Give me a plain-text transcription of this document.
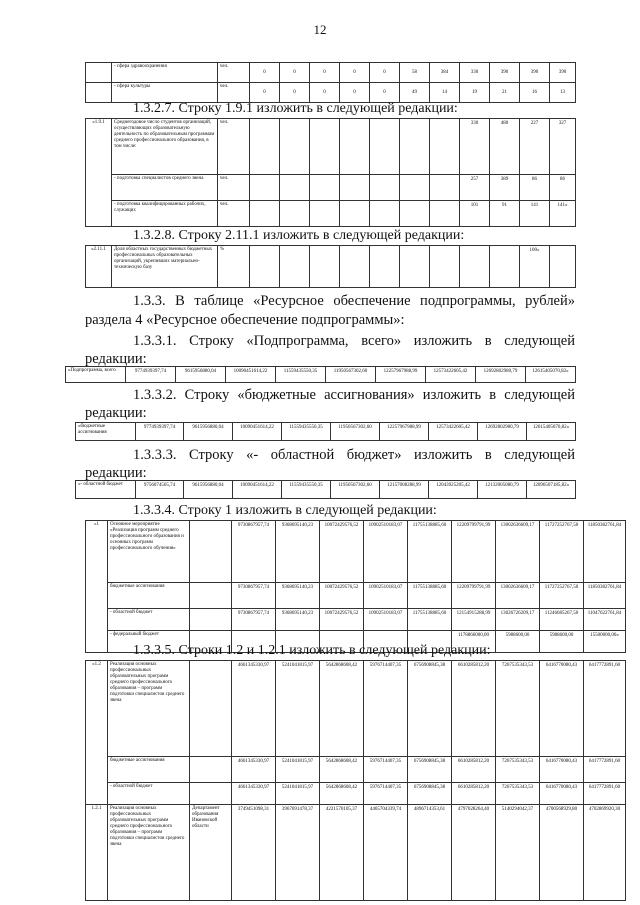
12
	- сфера здравоохранения	чел.	0	0	0	0	0	58	384	330	390	390	390	
	- сфера культуры	чел.	0	0	0	0	0	49	14	19	21	16	13	
1.3.2.7. Строку 1.9.1 изложить в следующей редакции:
«1.9.1	Среднегодовое число студентов организаций, осуществляющих образовательную деятельность по образовательным программам среднего профессионального образования, в том числе:	чел.								330	480	227	327
	- подготовка специалистов среднего звена	чел.								257	389	86	86
	- подготовка квалифицированных рабочих, служащих	чел.								101	91	141	141»
1.3.2.8. Строку 2.11.1 изложить в следующей редакции:
«2.11.1	Доля областных государственных бюджетных профессиональных образовательных организаций, укрепивших материально-техническую базу	%										100»	
1.3.3. В таблице «Ресурсное обеспечение подпрограммы, рублей» раздела 4 «Ресурсное обеспечение подпрограммы»:
1.3.3.1. Строку «Подпрограмма, всего» изложить в следующей
редакции:
«Подпрограмма, всего	9774939397,74	9615956880,04	10090451614,22	11559435550,35	11950567302,60	12257967988,99	12573422605,42	12692802980,79	12615405070,82»
1.3.3.2. Строку «бюджетные ассигнования» изложить в следующей
редакции:
«бюджетные ассигнования	9774939397,74	9615956880,04	10090451614,22	11559435550,35	11950567302,60	12257967988,99	12573422605,42	12692802980,79	12615405070,82»
1.3.3.3. Строку «- областной бюджет» изложить в следующей
редакции:
«- областной бюджет	9756074565,74	9615956880,04	10090451614,22	11559435550,35	11950567302,60	12157008288,99	12043925205,42	12132005080,79	12096507185,82»
1.3.3.4. Строку 1 изложить в следующей редакции:
«1	Основное мероприятие «Реализация программ среднего профессионального образования и основных программ профессионального обучения»		9730867957,74	9368695140,23	10072429576,52	10902510183,07	11755138885,60	12209799791,99	13002636609,17	11727252767,50	11850382761,84
	бюджетные ассигнования		9730867957,74	9368695140,23	10072429576,52	10902510183,07	11755138885,60	12209799791,99	13002636609,17	11727252767,50	11850382761,84
	- областной бюджет		9730867957,74	9368695140,23	10072429576,52	10902510183,07	11755138885,60	12154915288,99	13026726209,17	11246685267,50	11047622761,84
	- федеральный бюджет							1178866000,00	5988600,00	5988600,00	15500000,00»
1.3.3.5. Строки 1.2 и 1.2.1 изложить в следующей редакции:
«1.2	Реализация основных профессиональных образовательных программ среднего профессионального образования – программ подготовки специалистов среднего звена		4661345330,97	5241041815,97	5642868608,42	5976714407,35	6756908845,38	6610285812,20	7267535343,53	6416770080,43	6417772891,60
	бюджетные ассигнования		4661345330,97	5241041815,97	5642868608,42	5976714407,35	6756908845,38	6610285812,20	7267535343,53	6416770080,43	6417772891,60
	- областной бюджет		4661345330,97	5241041815,97	5642868608,42	5976714407,35	6756908845,38	6610285812,20	7267535343,53	6416770080,43	6417772891,60
1.2.1	Реализация основных профессиональных образовательных программ среднего профессионального образования – программ подготовки специалистов среднего звена	Департамент образования Ивановской области	3749451098,31	3967691478,37	4221570105,37	4465704339,74	4896714353,61	4797028264,40	5140294042,37	4700568929,80	4702869920,30
